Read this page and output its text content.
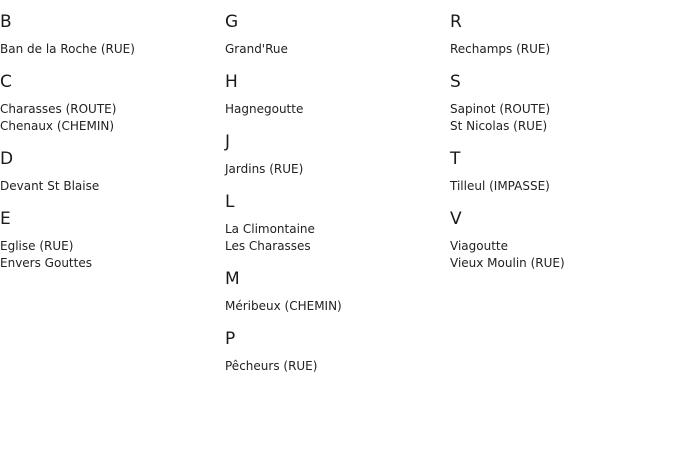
B
Ban de la Roche (RUE)
C
Charasses (ROUTE)
Chenaux (CHEMIN)
D
Devant St Blaise
E
Eglise (RUE)
Envers Gouttes
G
Grand'Rue
H
Hagnegoutte
J
Jardins (RUE)
L
La Climontaine
Les Charasses
M
Méribeux (CHEMIN)
P
Pêcheurs (RUE)
R
Rechamps (RUE)
S
Sapinot (ROUTE)
St Nicolas (RUE)
T
Tilleul (IMPASSE)
V
Viagoutte
Vieux Moulin (RUE)
